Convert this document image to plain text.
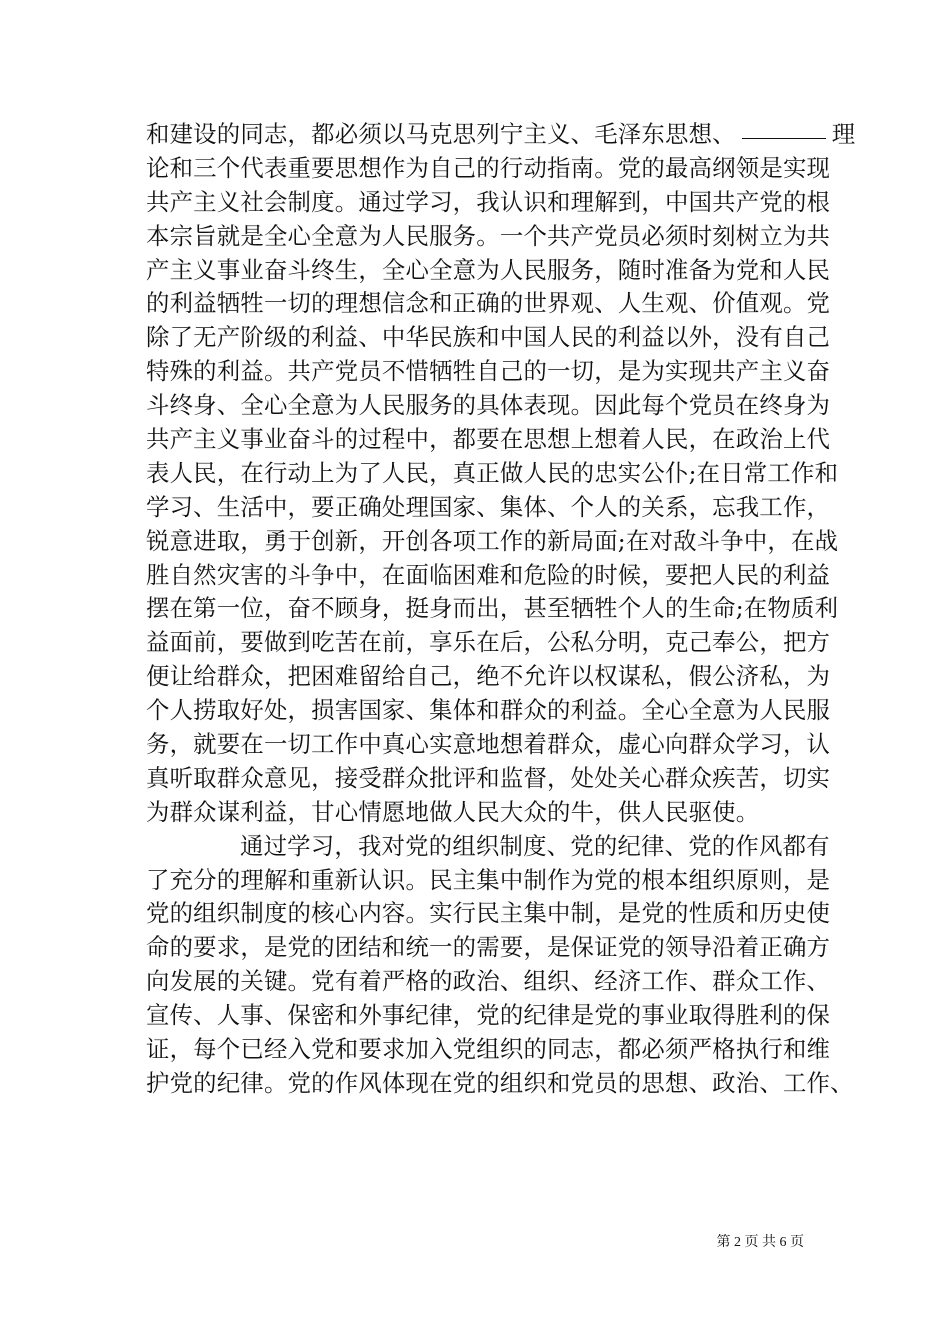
和建设的同志，都必须以马克思列宁主义、毛泽东思想、	理
论和三个代表重要思想作为自己的行动指南。党的最高纲领是实现
共产主义社会制度。通过学习，我认识和理解到，中国共产党的根
本宗旨就是全心全意为人民服务。一个共产党员必须时刻树立为共
产主义事业奋斗终生，全心全意为人民服务，随时准备为党和人民
的利益牺牲一切的理想信念和正确的世界观、人生观、价值观。党
除了无产阶级的利益、中华民族和中国人民的利益以外，没有自己
特殊的利益。共产党员不惜牺牲自己的一切，是为实现共产主义奋
斗终身、全心全意为人民服务的具体表现。因此每个党员在终身为
共产主义事业奋斗的过程中，都要在思想上想着人民，在政治上代
表人民，在行动上为了人民，真正做人民的忠实公仆;在日常工作和
学习、生活中，要正确处理国家、集体、个人的关系，忘我工作，
锐意进取，勇于创新，开创各项工作的新局面;在对敌斗争中，在战
胜自然灾害的斗争中，在面临困难和危险的时候，要把人民的利益
摆在第一位，奋不顾身，挺身而出，甚至牺牲个人的生命;在物质利
益面前，要做到吃苦在前，享乐在后，公私分明，克己奉公，把方
便让给群众，把困难留给自己，绝不允许以权谋私，假公济私，为
个人捞取好处，损害国家、集体和群众的利益。全心全意为人民服
务，就要在一切工作中真心实意地想着群众，虚心向群众学习，认
真听取群众意见，接受群众批评和监督，处处关心群众疾苦，切实
为群众谋利益，甘心情愿地做人民大众的牛，供人民驱使。
通过学习，我对党的组织制度、党的纪律、党的作风都有
了充分的理解和重新认识。民主集中制作为党的根本组织原则，是
党的组织制度的核心内容。实行民主集中制，是党的性质和历史使
命的要求，是党的团结和统一的需要，是保证党的领导沿着正确方
向发展的关键。党有着严格的政治、组织、经济工作、群众工作、
宣传、人事、保密和外事纪律，党的纪律是党的事业取得胜利的保
证，每个已经入党和要求加入党组织的同志，都必须严格执行和维
护党的纪律。党的作风体现在党的组织和党员的思想、政治、工作、
第 2 页 共 6 页
